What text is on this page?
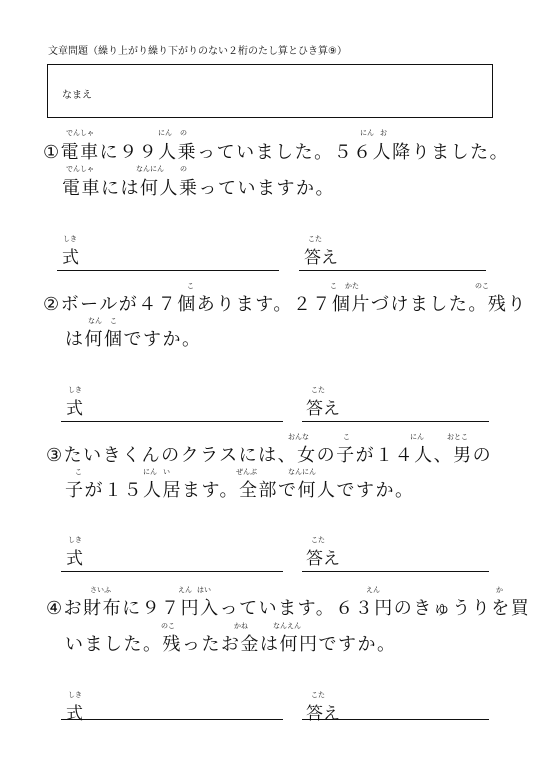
文章問題（繰り上がり繰り下がりのない２桁のたし算とひき算⑨）
なまえ
でんしゃ	にん の	にん お
①電車に９９人乗っていました。５６人降りました。
でんしゃ	なんにん の
電車には何人乗っていますか。
しき
式
こた
答え
こ	こ かた	のこ
②ボールが４７個あります。２７個片づけました。残り
なん こ
は何個ですか。
しき
式
こた
答え
おんな	こ	にん	おとこ
③たいきくんのクラスには、女の子が１４人、男の
こ	にん い	ぜんぶ	なんにん
子が１５人居ます。全部で何人ですか。
しき
式
こた
答え
さいふ	えん はい	えん	か
④お財布に９７円入っています。６３円のきゅうりを買
のこ	かね	なんえん
いました。残ったお金は何円ですか。
しき
式
こた
答え
